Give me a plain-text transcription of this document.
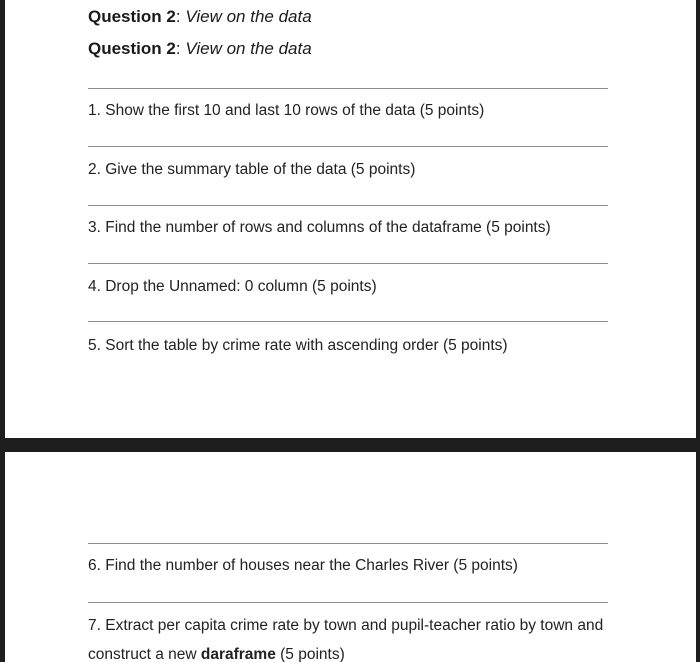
Question 2: View on the data
Question 2: View on the data
1. Show the first 10 and last 10 rows of the data (5 points)
2. Give the summary table of the data (5 points)
3. Find the number of rows and columns of the dataframe (5 points)
4. Drop the Unnamed: 0 column (5 points)
5. Sort the table by crime rate with ascending order (5 points)
6. Find the number of houses near the Charles River (5 points)
7. Extract per capita crime rate by town and pupil-teacher ratio by town and construct a new daraframe (5 points)
